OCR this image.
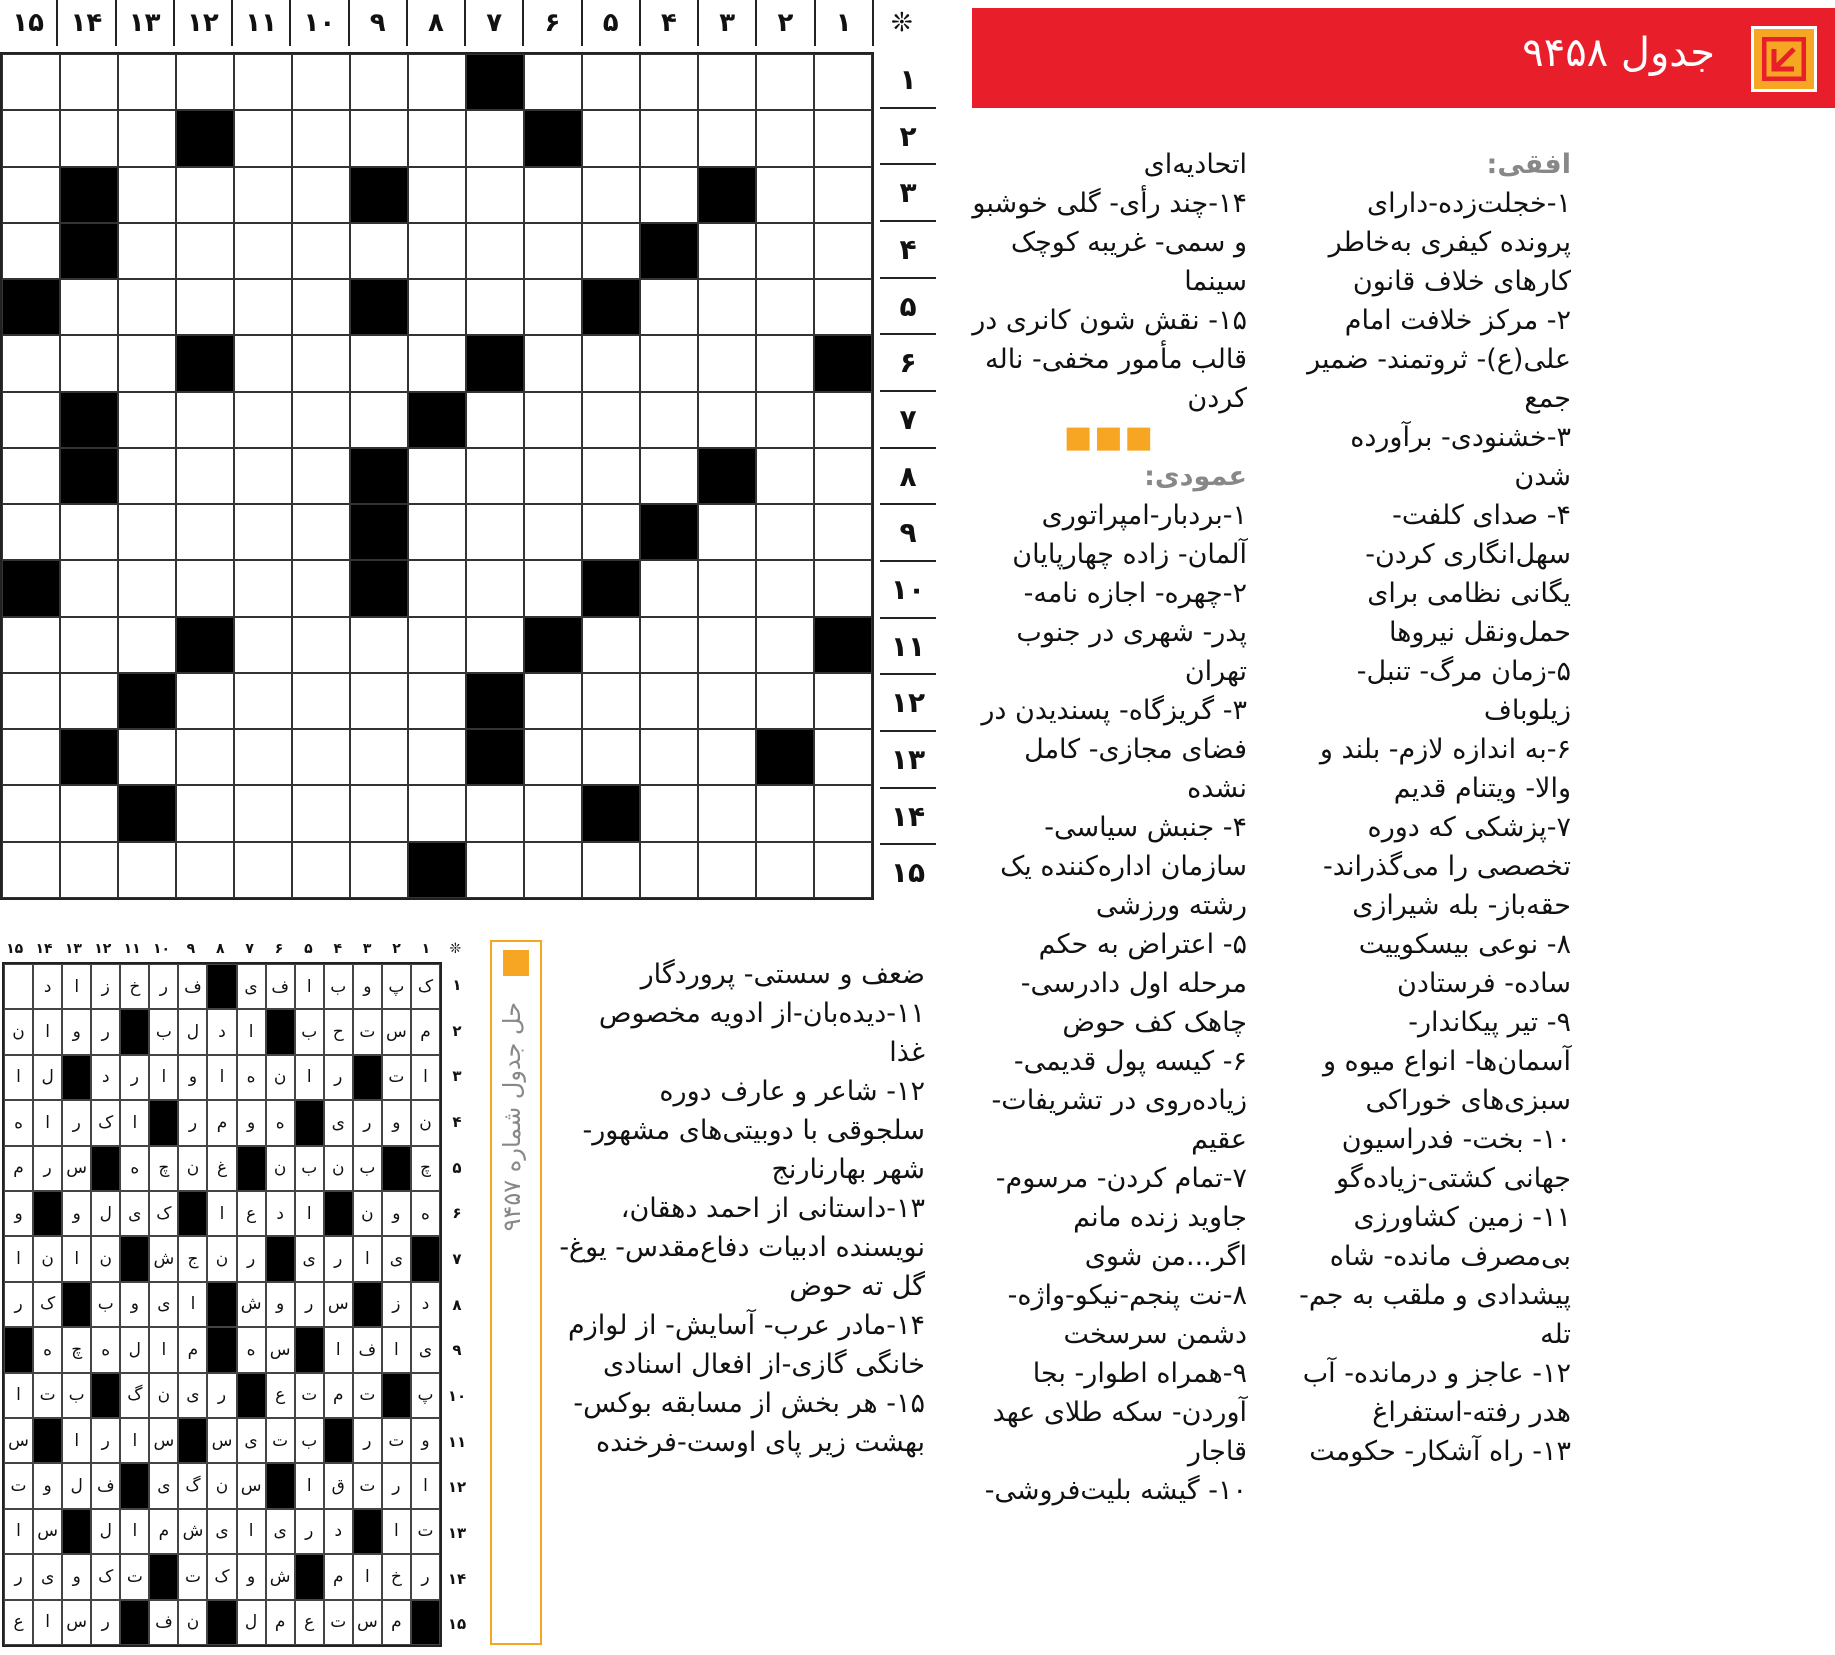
❊
۱
۲
۳
۴
۵
۶
۷
۸
۹
۱۰
۱۱
۱۲
۱۳
۱۴
۱۵
۱
۲
۳
۴
۵
۶
۷
۸
۹
۱۰
۱۱
۱۲
۱۳
۱۴
۱۵
جدول ۹۴۵۸

افقی:

۱-خجلت‌زده-دارای پرونده کیفری به‌خاطر کارهای خلاف قانون

۲- مرکز خلافت امام علی(ع)- ثروتمند- ضمیر جمع

۳-خشنودی- برآورده شدن

۴- صدای کلفت- سهل‌انگاری کردن- یگانی نظامی برای حمل‌ونقل نیروها

۵-زمان مرگ- تنبل- زیلوباف

۶-به اندازه لازم- بلند و والا- ویتنام قدیم

۷-پزشکی که دوره تخصصی را می‌گذراند- حقه‌باز- بله شیرازی

۸- نوعی بیسکوییت ساده- فرستادن

۹- تیر پیکاندار- آسمان‌ها- انواع میوه و سبزی‌های خوراکی

۱۰- بخت- فدراسیون جهانی کشتی-زیاده‌گو

۱۱- زمین کشاورزی بی‌مصرف مانده- شاه پیشدادی و ملقب به جم-تله

۱۲- عاجز و درمانده- آب هدر رفته-استفراغ

۱۳- راه آشکار- حکومت

اتحادیه‌ای

۱۴-چند رأی- گلی خوشبو و سمی- غریبه کوچک سینما

۱۵- نقش شون کانری در قالب مأمور مخفی- ناله کردن

■■■
عمودی:

۱-بردبار-امپراتوری آلمان- زاده چهارپایان

۲-چهره- اجازه نامه- پدر- شهری در جنوب تهران

۳- گریزگاه- پسندیدن در فضای مجازی- کامل نشده

۴- جنبش سیاسی- سازمان اداره‌کننده یک رشته ورزشی

۵- اعتراض به حکم مرحله اول دادرسی- چاهک کف حوض

۶- کیسه پول قدیمی- زیاده‌روی در تشریفات- عقیم

۷-تمام کردن- مرسوم- جاوید زنده مانم اگر...من شوی

۸-نت پنجم-نیکو-واژه- دشمن سرسخت

۹-همراه اطوار- بجا آوردن- سکه طلای عهد قاجار

۱۰- گیشه بلیت‌فروشی-

ضعف و سستی- پروردگار

۱۱-دیده‌بان-از ادویه مخصوص غذا

۱۲- شاعر و عارف دوره سلجوقی با دوبیتی‌های مشهور-شهر بهارنارنج

۱۳-داستانی از احمد دهقان، نویسنده ادبیات دفاع‌مقدس- یوغ- گل ته حوض

۱۴-مادر عرب- آسایش- از لوازم خانگی گازی-از افعال اسنادی

۱۵- هر بخش از مسابقه بوکس- بهشت زیر پای اوست-فرخنده

حل جدول شماره ۹۴۵۷
❊
۱
۲
۳
۴
۵
۶
۷
۸
۹
۱۰
۱۱
۱۲
۱۳
۱۴
۱۵
ک
پ
و
ب
ا
ف
ی
ف
ر
خ
ز
ا
د
م
س
ت
ح
ب
ا
د
ل
ب
ر
و
ا
ن
ا
ت
ر
ا
ن
ه
ا
و
ا
ر
د
ل
ا
ن
و
ر
ی
ه
و
م
ر
ا
ک
ر
ا
ه
چ
ب
ن
ب
ن
غ
ن
چ
ه
س
ر
م
ه
و
ن
ا
د
ع
ا
ک
ی
ل
و
و
ی
ا
ر
ی
ر
ن
ج
ش
ن
ا
ن
ا
د
ز
س
ر
و
ش
ا
ی
و
ب
ک
ر
ی
ا
ف
ا
س
ه
م
ا
ل
ه
چ
ه
پ
ت
م
ت
ع
ر
ی
ن
گ
ب
ت
ا
و
ت
ر
ب
ت
ی
س
س
ا
ر
ا
س
ا
ر
ت
ق
ا
س
ن
گ
ی
ف
ل
و
ت
ت
ا
د
ر
ی
ا
ی
ش
م
ا
ل
س
ا
ر
خ
ا
م
ش
و
ک
ت
ت
ک
و
ی
ر
م
س
ت
ع
م
ل
ن
ف
ر
س
ا
ع
۱
۲
۳
۴
۵
۶
۷
۸
۹
۱۰
۱۱
۱۲
۱۳
۱۴
۱۵
